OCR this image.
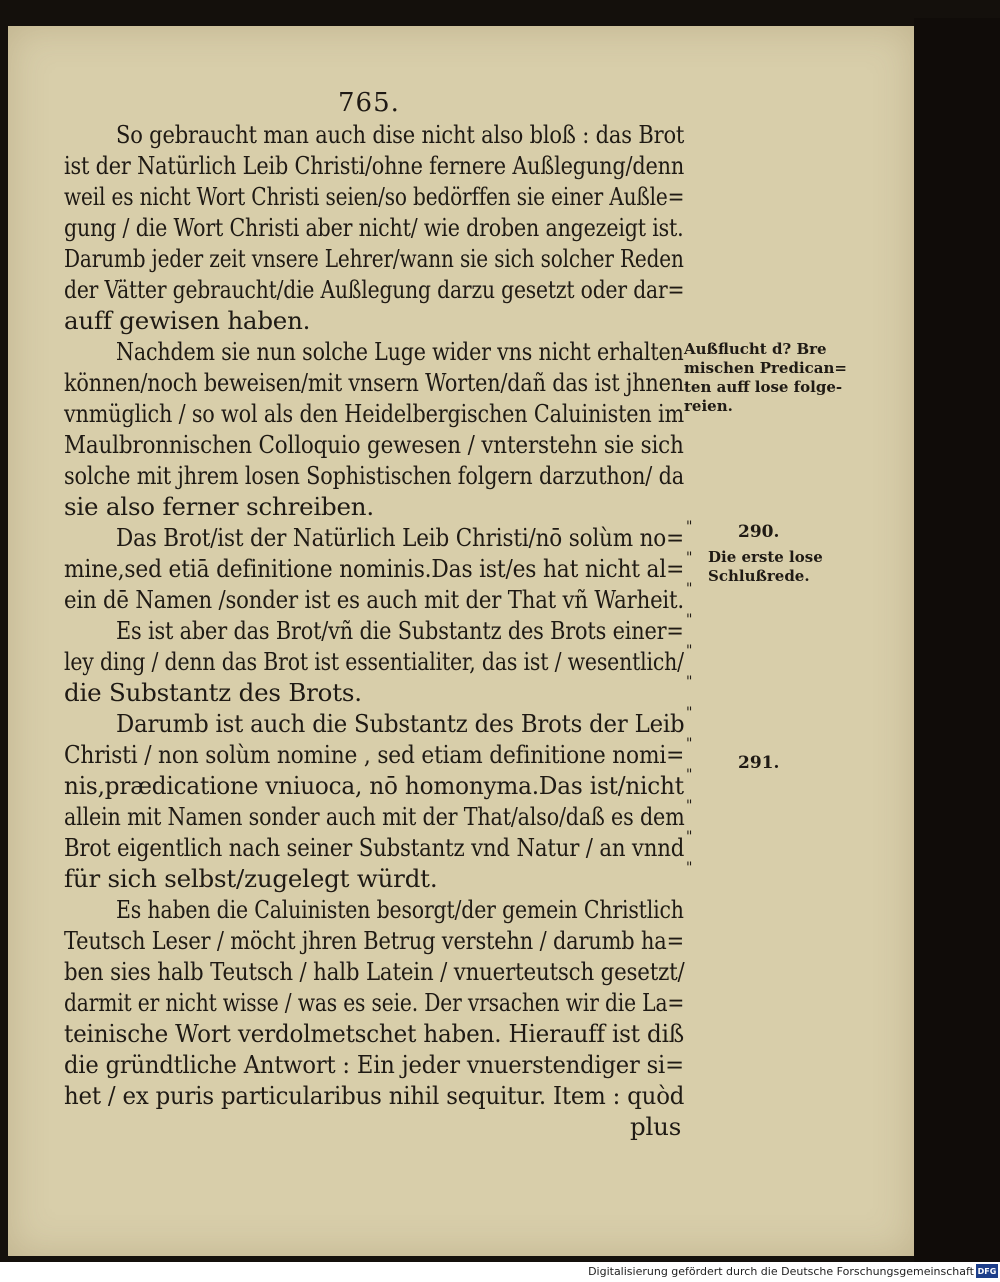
765.
So gebraucht man auch dise nicht also bloß : das Brot
ist der Natürlich Leib Christi/ohne fernere Außlegung/denn
weil es nicht Wort Christi seien/so bedörffen sie einer Außle=
gung / die Wort Christi aber nicht/ wie droben angezeigt ist.
Darumb jeder zeit vnsere Lehrer/wann sie sich solcher Reden
der Vätter gebraucht/die Außlegung darzu gesetzt oder dar=
auff gewisen haben.
Nachdem sie nun solche Luge wider vns nicht erhalten
können/noch beweisen/mit vnsern Worten/dañ das ist jhnen
vnmüglich / so wol als den Heidelbergischen Caluinisten im
Maulbronnischen Colloquio gewesen / vnterstehn sie sich
solche mit jhrem losen Sophistischen folgern darzuthon/ da
sie also ferner schreiben.
Das Brot/ist der Natürlich Leib Christi/nō solùm no=
mine,sed etiā definitione nominis.Das ist/es hat nicht al=
ein dē Namen /sonder ist es auch mit der That vñ Warheit.
Es ist aber das Brot/vñ die Substantz des Brots einer=
ley ding / denn das Brot ist essentialiter, das ist / wesentlich/
die Substantz des Brots.
Darumb ist auch die Substantz des Brots der Leib
Christi / non solùm nomine , sed etiam definitione nomi=
nis,prædicatione vniuoca, nō homonyma.Das ist/nicht
allein mit Namen sonder auch mit der That/also/daß es dem
Brot eigentlich nach seiner Substantz vnd Natur / an vnnd
für sich selbst/zugelegt würdt.
Es haben die Caluinisten besorgt/der gemein Christlich
Teutsch Leser / möcht jhren Betrug verstehn / darumb ha=
ben sies halb Teutsch / halb Latein / vnuerteutsch gesetzt/
darmit er nicht wisse / was es seie. Der vrsachen wir die La=
teinische Wort verdolmetschet haben. Hierauff ist diß
die gründtliche Antwort : Ein jeder vnuerstendiger si=
het / ex puris particularibus nihil sequitur. Item : quòd
plus
Außflucht d? Bre
mischen Predican=
ten auff lose folge-
reien.
290.
Die erste lose
Schlußrede.
291.
"
"
"
"
"
"
"
"
"
"
"
"
Digitalisierung gefördert durch die Deutsche Forschungsgemeinschaft DFG
